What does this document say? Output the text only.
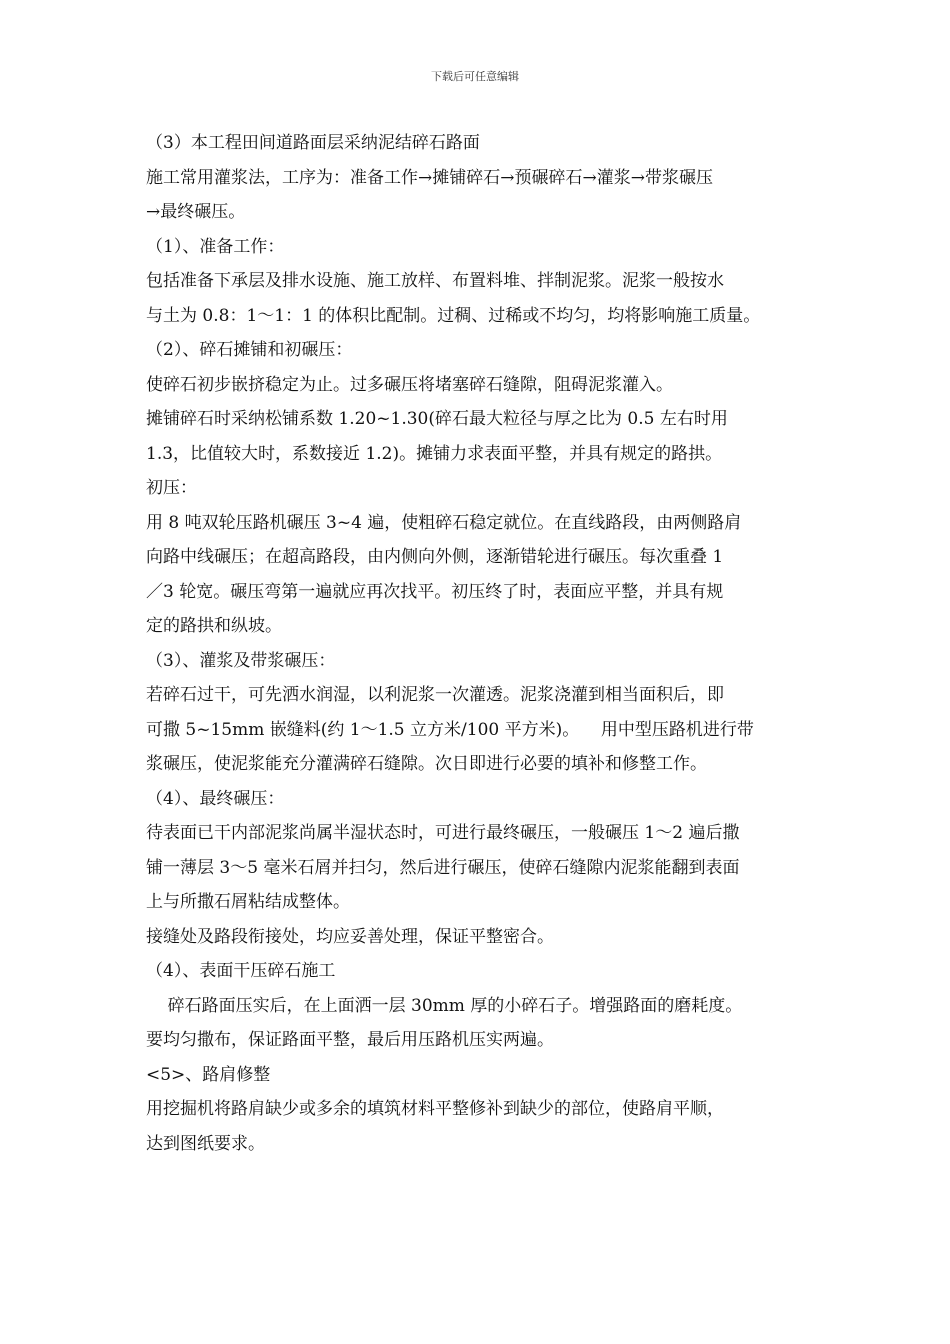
下载后可任意编辑
（3）本工程田间道路面层采纳泥结碎石路面
施工常用灌浆法，工序为：准备工作→摊铺碎石→预碾碎石→灌浆→带浆碾压
→最终碾压。
（1）、准备工作：
包括准备下承层及排水设施、施工放样、布置料堆、拌制泥浆。泥浆一般按水
与土为 0.8：1～1：1 的体积比配制。过稠、过稀或不均匀，均将影响施工质量。
（2）、碎石摊铺和初碾压：
使碎石初步嵌挤稳定为止。过多碾压将堵塞碎石缝隙，阻碍泥浆灌入。
摊铺碎石时采纳松铺系数 1.20~1.30(碎石最大粒径与厚之比为 0.5 左右时用
1.3，比值较大时，系数接近 1.2)。摊铺力求表面平整，并具有规定的路拱。
初压：
用 8 吨双轮压路机碾压 3~4 遍，使粗碎石稳定就位。在直线路段，由两侧路肩
向路中线碾压；在超高路段，由内侧向外侧，逐渐错轮进行碾压。每次重叠 1
／3 轮宽。碾压弯第一遍就应再次找平。初压终了时，表面应平整，并具有规
定的路拱和纵坡。
（3）、灌浆及带浆碾压：
若碎石过干，可先洒水润湿，以利泥浆一次灌透。泥浆浇灌到相当面积后，即
可撒 5~15mm 嵌缝料(约 1～1.5 立方米/100 平方米)。    用中型压路机进行带
浆碾压，使泥浆能充分灌满碎石缝隙。次日即进行必要的填补和修整工作。
（4）、最终碾压：
待表面已干内部泥浆尚属半湿状态时，可进行最终碾压，一般碾压 1～2 遍后撒
铺一薄层 3～5 毫米石屑并扫匀，然后进行碾压，使碎石缝隙内泥浆能翻到表面
上与所撒石屑粘结成整体。
接缝处及路段衔接处，均应妥善处理，保证平整密合。
（4）、表面干压碎石施工
碎石路面压实后，在上面洒一层 30mm 厚的小碎石子。增强路面的磨耗度。
要均匀撒布，保证路面平整，最后用压路机压实两遍。
<5>、路肩修整
用挖掘机将路肩缺少或多余的填筑材料平整修补到缺少的部位，使路肩平顺，
达到图纸要求。
